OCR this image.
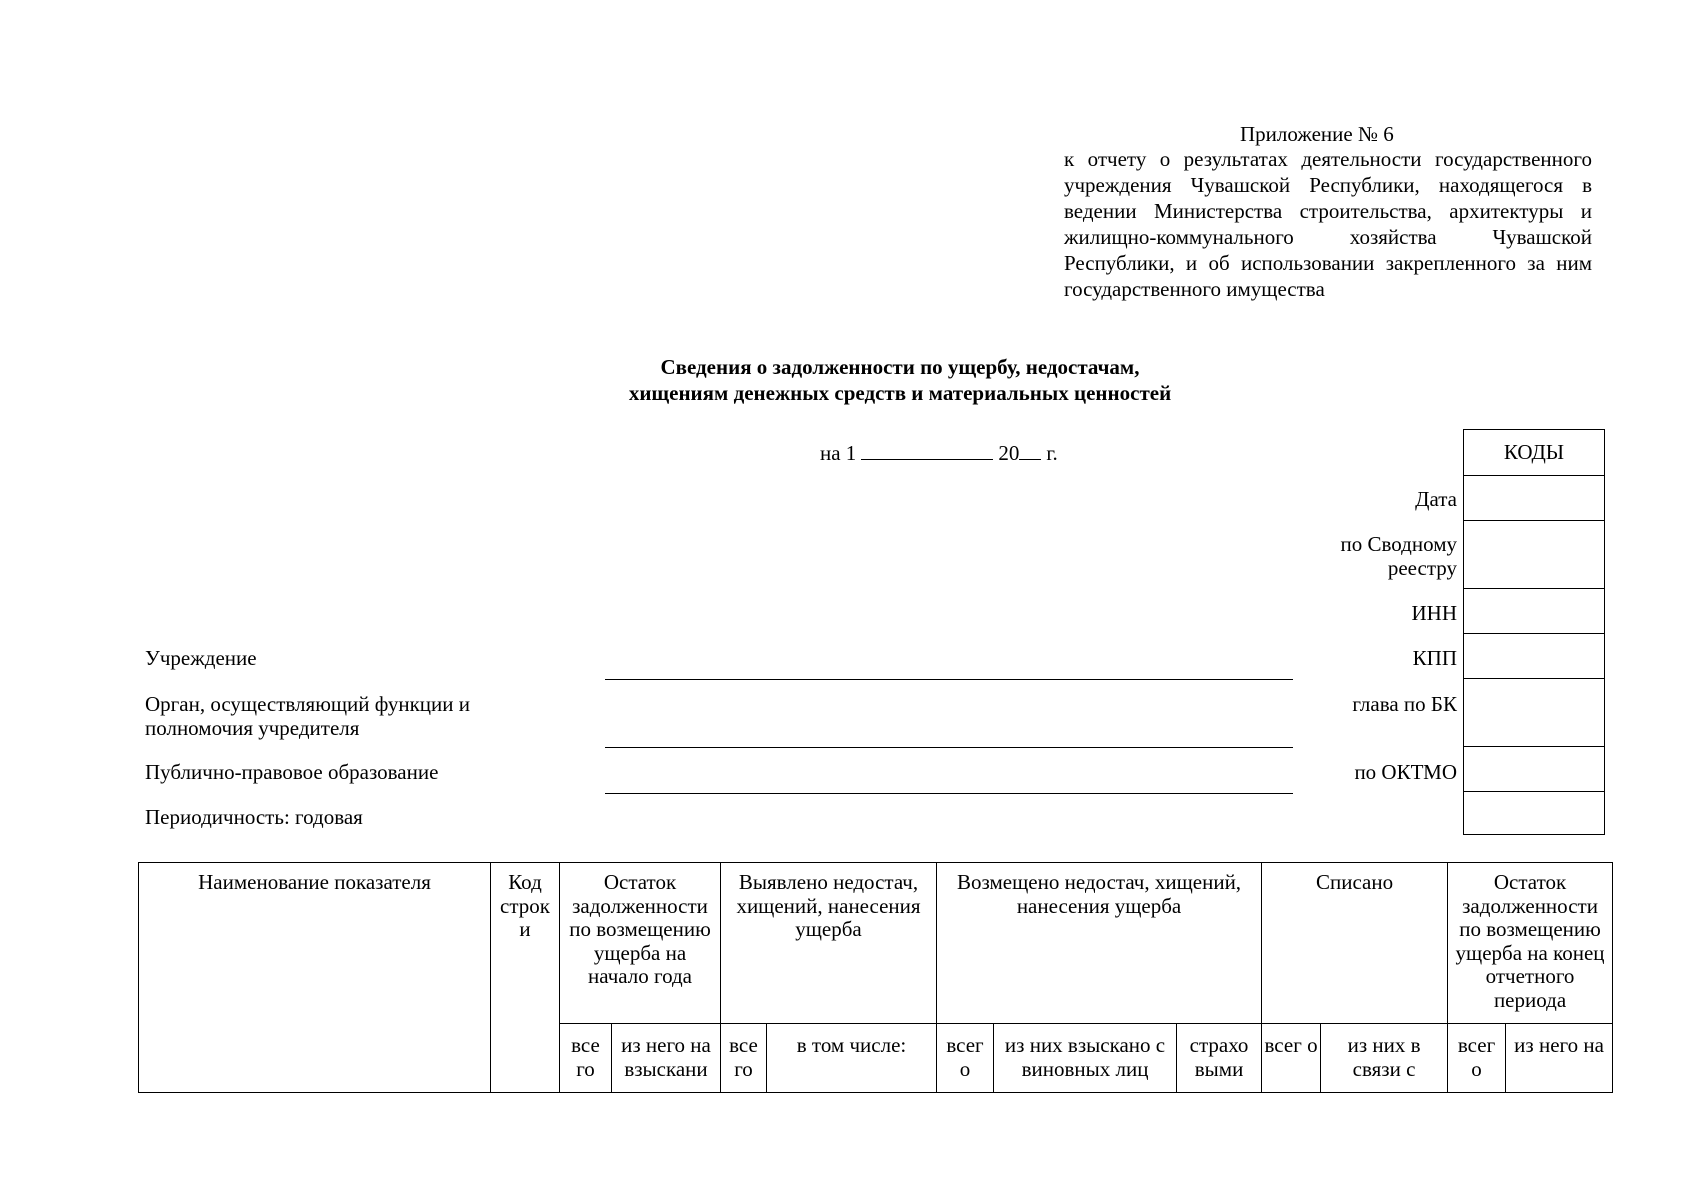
Приложение № 6
к отчету о результатах деятельности государственного учреждения Чувашской Республики, находящегося в ведении Министерства строительства, архитектуры и жилищно-коммунального хозяйства Чувашской Республики, и об использовании закрепленного за ним государственного имущества
Сведения о задолженности по ущербу, недостачам,
хищениям денежных средств и материальных ценностей
на 1	20 г.	КОДЫ
Дата
по Сводному
реестру
ИНН
КПП
глава по БК
по ОКТМО
Учреждение
Орган, осуществляющий функции и
полномочия учредителя
Публично-правовое образование
Периодичность: годовая
Наименование показателя	Код строк и	Остаток задолженности по возмещению ущерба на начало года		Выявлено недостач, хищений, нанесения ущерба		Возмещено недостач, хищений, нанесения ущерба			Списано		Остаток задолженности по возмещению ущерба на конец отчетного периода	
		все го	из него на взыскани	все го	в том числе:	всег о	из них взыскано с виновных лиц	страхо выми	всег о	из них в связи с	всег о	из него на
